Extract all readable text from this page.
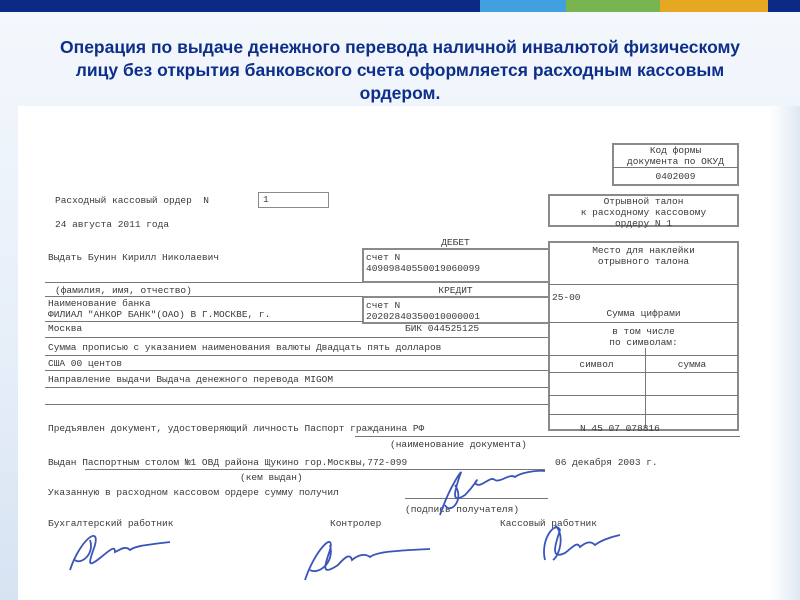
Операция по выдаче денежного перевода наличной инвалютой физическому лицу без открытия банковского счета оформляется расходным кассовым ордером.
Код формы
документа по ОКУД
0402009
Расходный кассовый ордер  N	1
24 августа 2011 года
Отрывной талон
к расходному кассовому
ордеру N 1
ДЕБЕТ
счет N
40909840550019060099
КРЕДИТ
счет N
20202840350010000001
Место для наклейки
отрывного талона
25-00
Сумма цифрами
в том числе
по символам:
символ	сумма
Выдать Бунин Кирилл Николаевич
(фамилия, имя, отчество)
Наименование банка
ФИЛИАЛ "АНКОР БАНК"(ОАО) В Г.МОСКВЕ, г.
Москва	БИК 044525125
Сумма прописью с указанием наименования валюты Двадцать пять долларов
США 00 центов
Направление выдачи Выдача денежного перевода MIGOM
Предъявлен документ, удостоверяющий личность Паспорт гражданина РФ	N 45 07 078816
(наименование документа)
Выдан Паспортным столом №1 ОВД района Щукино гор.Москвы,772-099	06 декабря 2003 г.
(кем выдан)
Указанную в расходном кассовом ордере сумму получил
(подпись получателя)
Бухгалтерский работник	Контролер	Кассовый работник
